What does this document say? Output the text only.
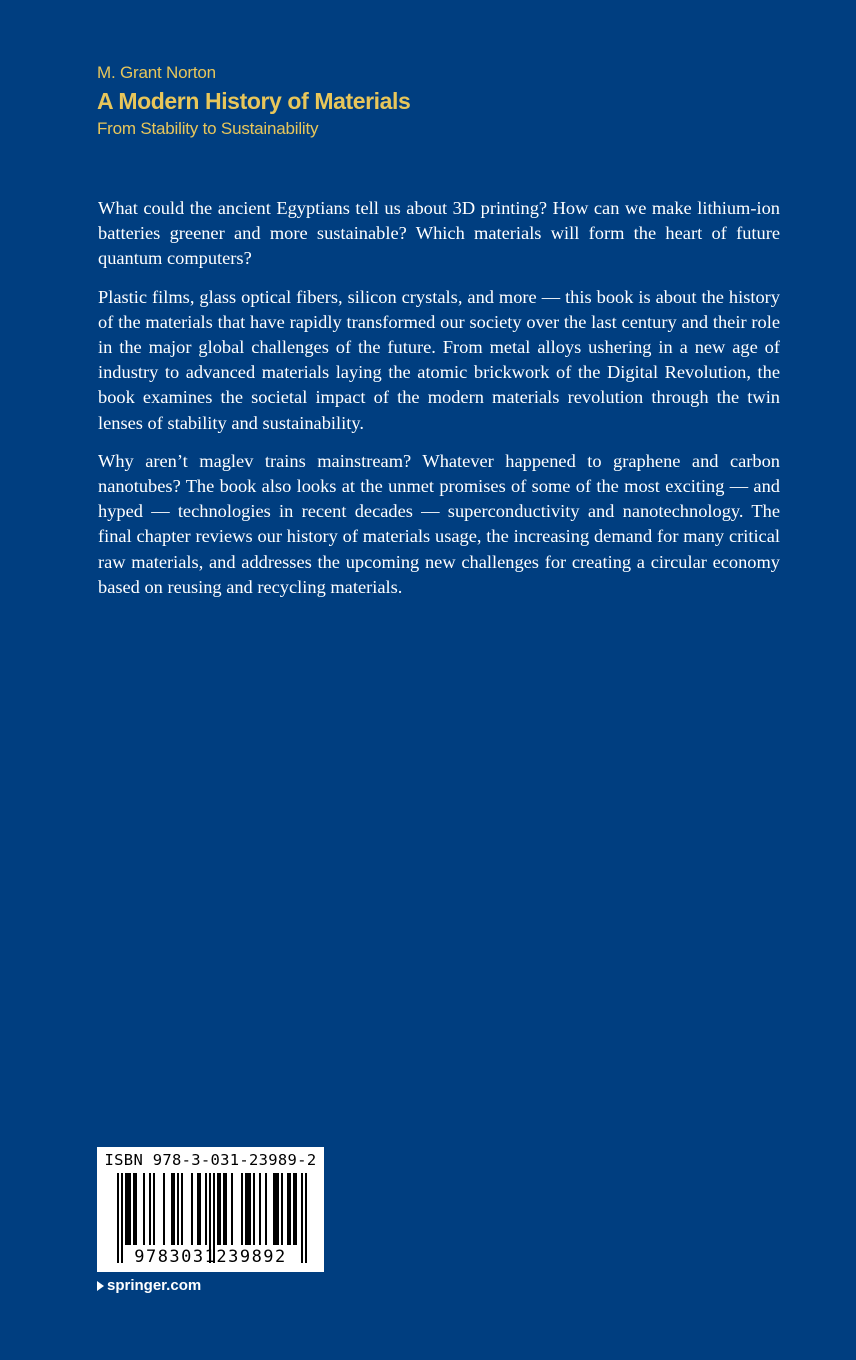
M. Grant Norton
A Modern History of Materials
From Stability to Sustainability

What could the ancient Egyptians tell us about 3D printing? How can we make lithium-ion batteries greener and more sustainable? Which materials will form the heart of future quantum computers?

Plastic films, glass optical fibers, silicon crystals, and more — this book is about the history of the materials that have rapidly transformed our society over the last century and their role in the major global challenges of the future. From metal alloys ushering in a new age of industry to advanced materials laying the atomic brickwork of the Digital Revolution, the book examines the societal impact of the modern materials revolution through the twin lenses of stability and sustainability.

Why aren’t maglev trains mainstream? Whatever happened to graphene and carbon nanotubes? The book also looks at the unmet promises of some of the most exciting — and hyped — technologies in recent decades — superconductivity and nanotechnology. The final chapter reviews our history of materials usage, the increasing demand for many critical raw materials, and addresses the upcoming new challenges for creating a circular economy based on reusing and recycling materials.

ISBN 978-3-031-23989-2
9783031239892
springer.com
